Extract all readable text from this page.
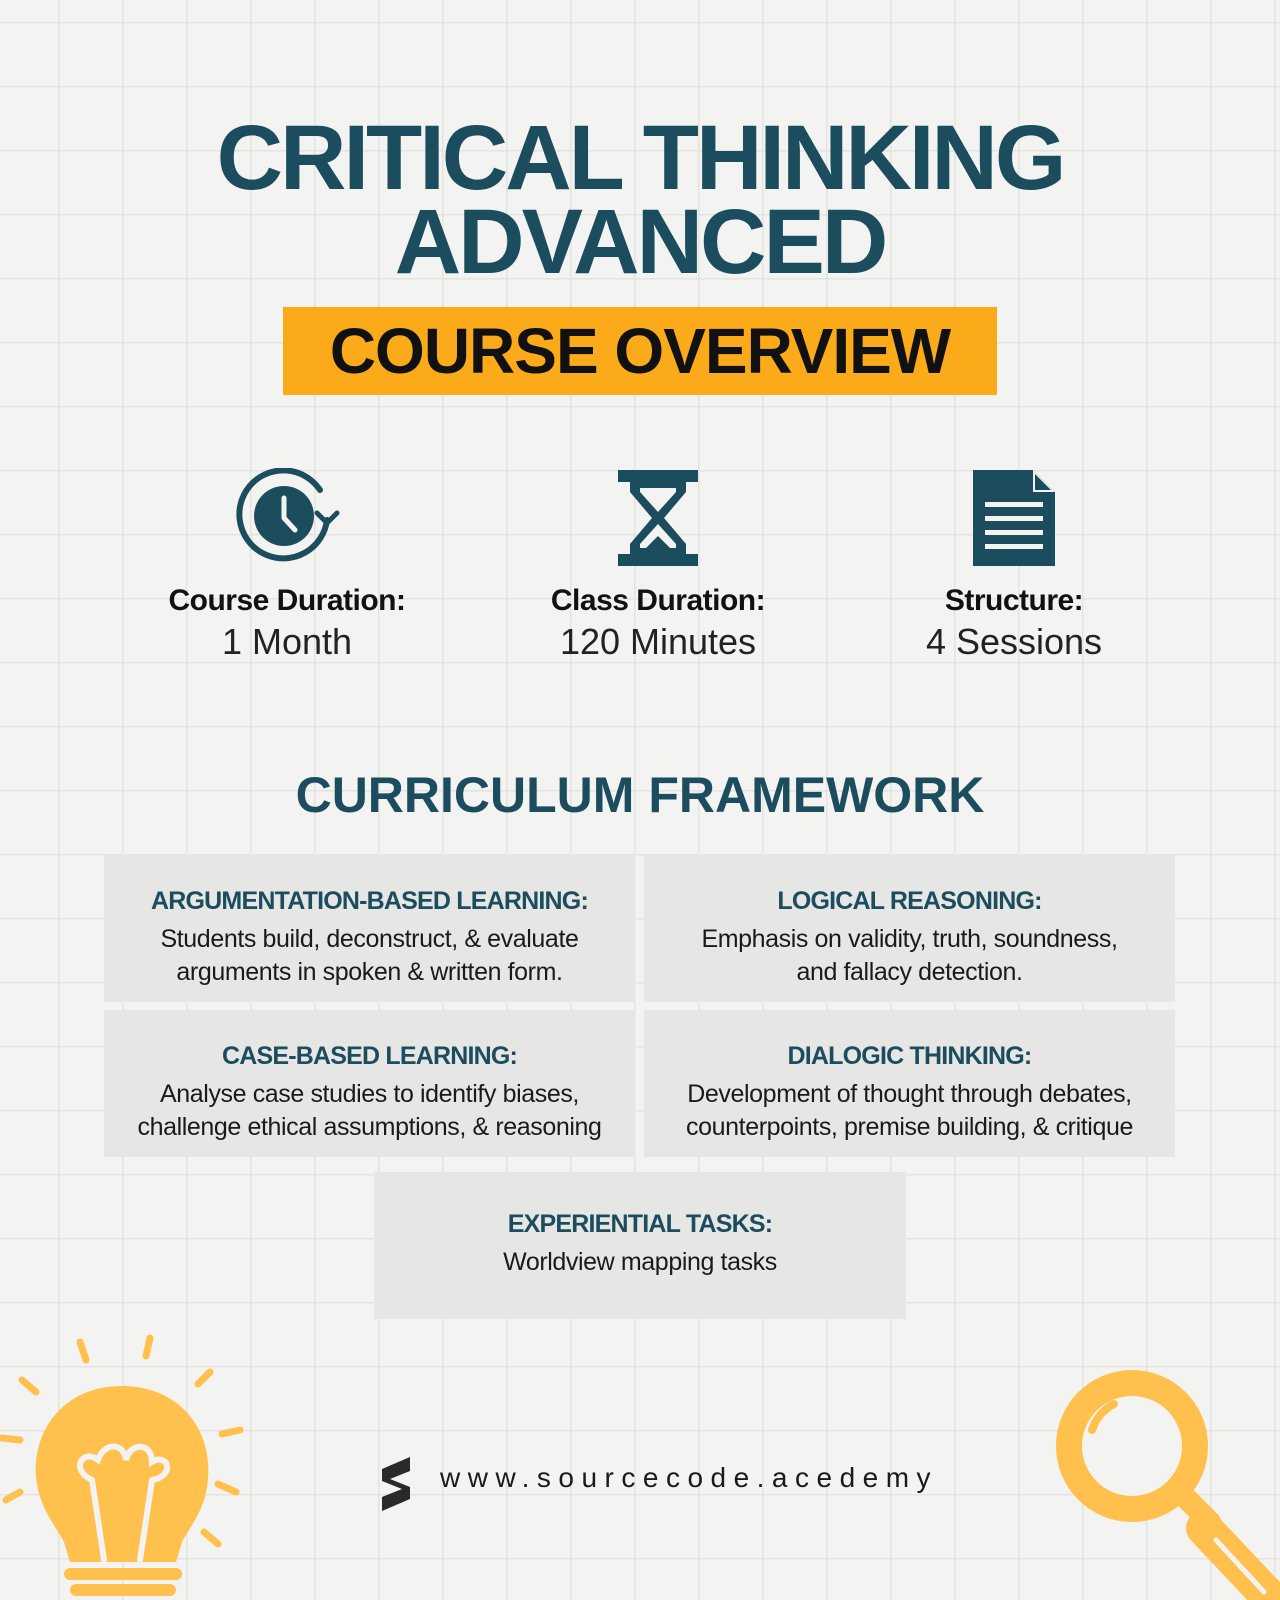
CRITICAL THINKING
ADVANCED
COURSE OVERVIEW
Course Duration:
1 Month
Class Duration:
120 Minutes
Structure:
4 Sessions
CURRICULUM FRAMEWORK
ARGUMENTATION-BASED LEARNING:
Students build, deconstruct, & evaluate
arguments in spoken & written form.
LOGICAL REASONING:
Emphasis on validity, truth, soundness,
and fallacy detection.
CASE-BASED LEARNING:
Analyse case studies to identify biases,
challenge ethical assumptions, & reasoning
DIALOGIC THINKING:
Development of thought through debates,
counterpoints, premise building, & critique
EXPERIENTIAL TASKS:
Worldview mapping tasks
www.sourcecode.acedemy
